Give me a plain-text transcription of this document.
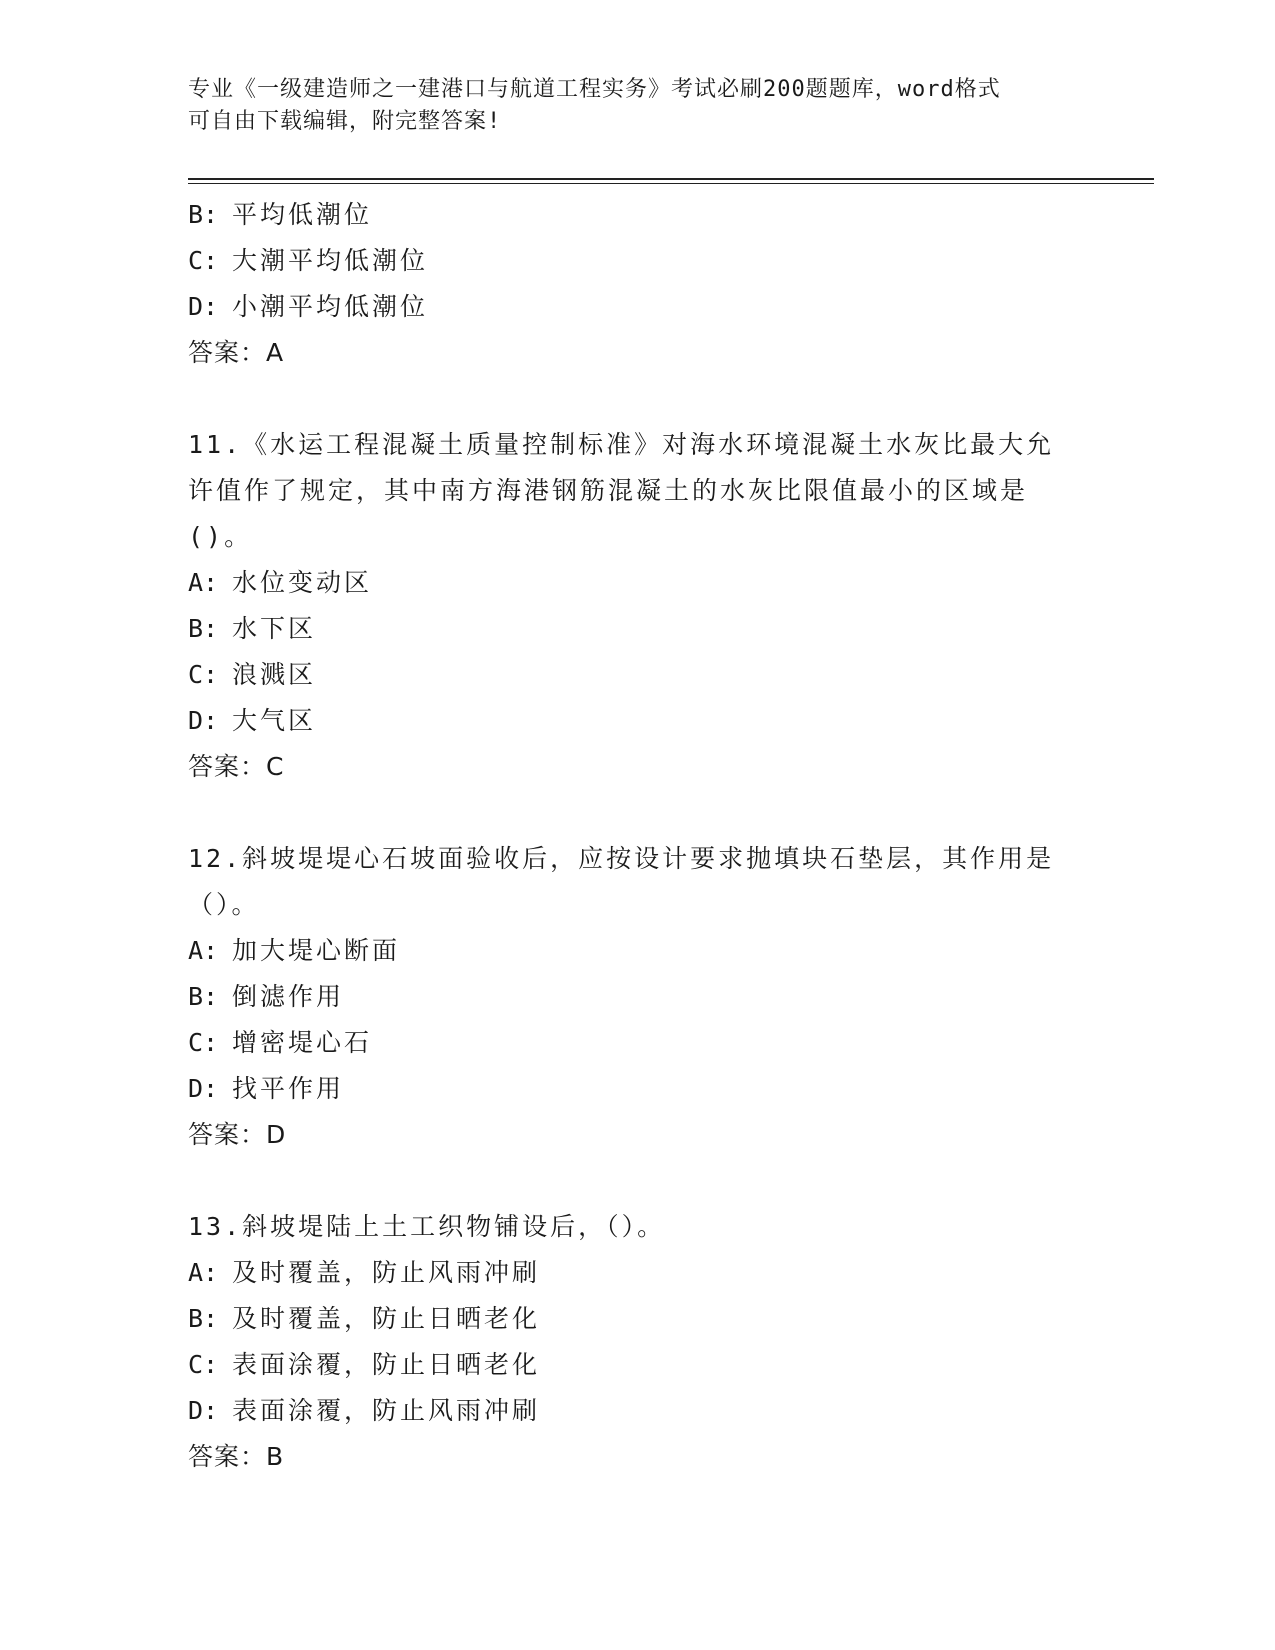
专业《一级建造师之一建港口与航道工程实务》考试必刷200题题库，word格式
可自由下载编辑，附完整答案!
B: 平均低潮位
C: 大潮平均低潮位
D: 小潮平均低潮位
答案：A
11.《水运工程混凝土质量控制标准》对海水环境混凝土水灰比最大允
许值作了规定，其中南方海港钢筋混凝土的水灰比限值最小的区域是
()。
A: 水位变动区
B: 水下区
C: 浪溅区
D: 大气区
答案：C
12.斜坡堤堤心石坡面验收后，应按设计要求抛填块石垫层，其作用是
（）。
A: 加大堤心断面
B: 倒滤作用
C: 增密堤心石
D: 找平作用
答案：D
13.斜坡堤陆上土工织物铺设后，（）。
A: 及时覆盖，防止风雨冲刷
B: 及时覆盖，防止日晒老化
C: 表面涂覆，防止日晒老化
D: 表面涂覆，防止风雨冲刷
答案：B
